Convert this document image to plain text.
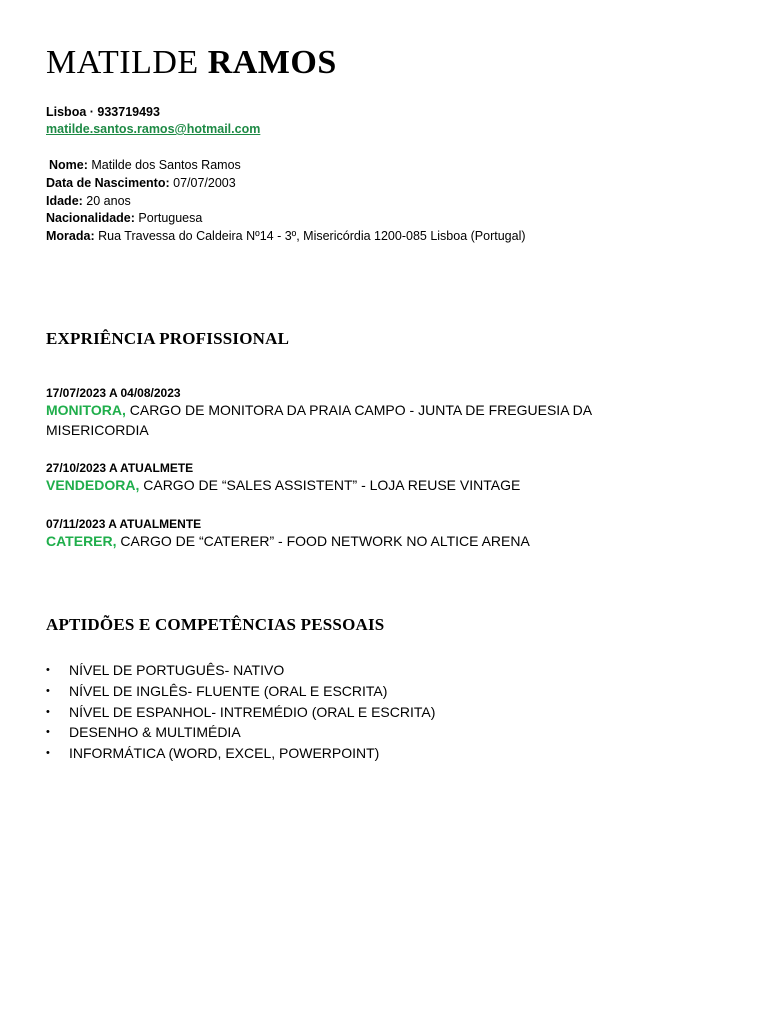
MATILDE RAMOS
Lisboa · 933719493
matilde.santos.ramos@hotmail.com
Nome: Matilde dos Santos Ramos
Data de Nascimento: 07/07/2003
Idade: 20 anos
Nacionalidade: Portuguesa
Morada: Rua Travessa do Caldeira Nº14 - 3º, Misericórdia 1200-085 Lisboa (Portugal)
EXPRIÊNCIA PROFISSIONAL
17/07/2023 A 04/08/2023
MONITORA, CARGO DE MONITORA DA PRAIA CAMPO - JUNTA DE FREGUESIA DA MISERICORDIA
27/10/2023 A ATUALMETE
VENDEDORA, CARGO DE “SALES ASSISTENT” - LOJA REUSE VINTAGE
07/11/2023 A ATUALMENTE
CATERER, CARGO DE “CATERER” - FOOD NETWORK NO ALTICE ARENA
APTIDÕES E COMPETÊNCIAS PESSOAIS
• NÍVEL DE PORTUGUÊS- NATIVO
• NÍVEL DE INGLÊS- FLUENTE (ORAL E ESCRITA)
• NÍVEL DE ESPANHOL- INTREMÉDIO (ORAL E ESCRITA)
• DESENHO & MULTIMÉDIA
• INFORMÁTICA (WORD, EXCEL, POWERPOINT)
